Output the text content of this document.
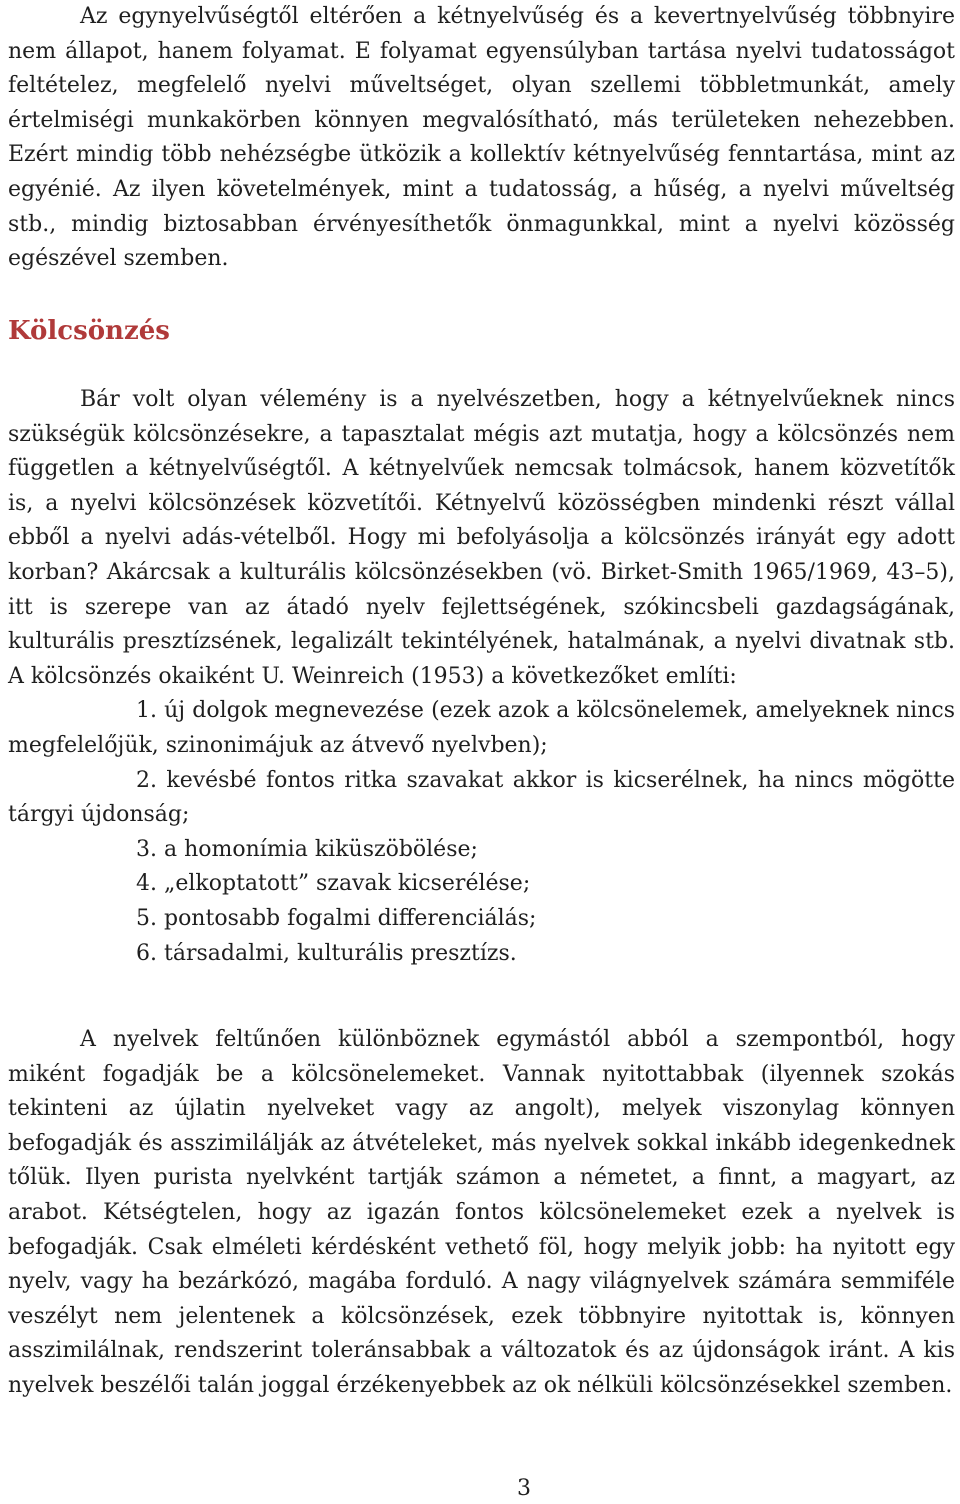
Az egynyelvűségtől eltérően a kétnyelvűség és a kevertnyelvűség többnyire nem állapot, hanem folyamat. E folyamat egyensúlyban tartása nyelvi tudatosságot feltételez, megfelelő nyelvi műveltséget, olyan szellemi többletmunkát, amely értelmiségi munkakörben könnyen megvalósítható, más területeken nehezebben. Ezért mindig több nehézségbe ütközik a kollektív kétnyelvűség fenntartása, mint az egyénié. Az ilyen követelmények, mint a tudatosság, a hűség, a nyelvi műveltség stb., mindig biztosabban érvényesíthetők önmagunkkal, mint a nyelvi közösség egészével szemben.

Kölcsönzés

Bár volt olyan vélemény is a nyelvészetben, hogy a kétnyelvűeknek nincs szükségük kölcsönzésekre, a tapasztalat mégis azt mutatja, hogy a kölcsönzés nem független a kétnyelvűségtől. A kétnyelvűek nemcsak tolmácsok, hanem közvetítők is, a nyelvi kölcsönzések közvetítői. Kétnyelvű közösségben mindenki részt vállal ebből a nyelvi adás-vételből. Hogy mi befolyásolja a kölcsönzés irányát egy adott korban? Akárcsak a kulturális kölcsönzésekben (vö. Birket-Smith 1965/1969, 43–5), itt is szerepe van az átadó nyelv fejlettségének, szókincsbeli gazdagságának, kulturális presztízsének, legalizált tekintélyének, hatalmának, a nyelvi divatnak stb. A kölcsönzés okaiként U. Weinreich (1953) a következőket említi:

1. új dolgok megnevezése (ezek azok a kölcsönelemek, amelyeknek nincs megfelelőjük, szinonimájuk az átvevő nyelvben);
2. kevésbé fontos ritka szavakat akkor is kicserélnek, ha nincs mögötte tárgyi újdonság;
3. a homonímia kiküszöbölése;
4. „elkoptatott” szavak kicserélése;
5. pontosabb fogalmi differenciálás;
6. társadalmi, kulturális presztízs.

A nyelvek feltűnően különböznek egymástól abból a szempontból, hogy miként fogadják be a kölcsönelemeket. Vannak nyitottabbak (ilyennek szokás tekinteni az újlatin nyelveket vagy az angolt), melyek viszonylag könnyen befogadják és asszimilálják az átvételeket, más nyelvek sokkal inkább idegenkednek tőlük. Ilyen purista nyelvként tartják számon a németet, a finnt, a magyart, az arabot. Kétségtelen, hogy az igazán fontos kölcsönelemeket ezek a nyelvek is befogadják. Csak elméleti kérdésként vethető föl, hogy melyik jobb: ha nyitott egy nyelv, vagy ha bezárkózó, magába forduló. A nagy világnyelvek számára semmiféle veszélyt nem jelentenek a kölcsönzések, ezek többnyire nyitottak is, könnyen asszimilálnak, rendszerint toleránsabbak a változatok és az újdonságok iránt. A kis nyelvek beszélői talán joggal érzékenyebbek az ok nélküli kölcsönzésekkel szemben.

3
